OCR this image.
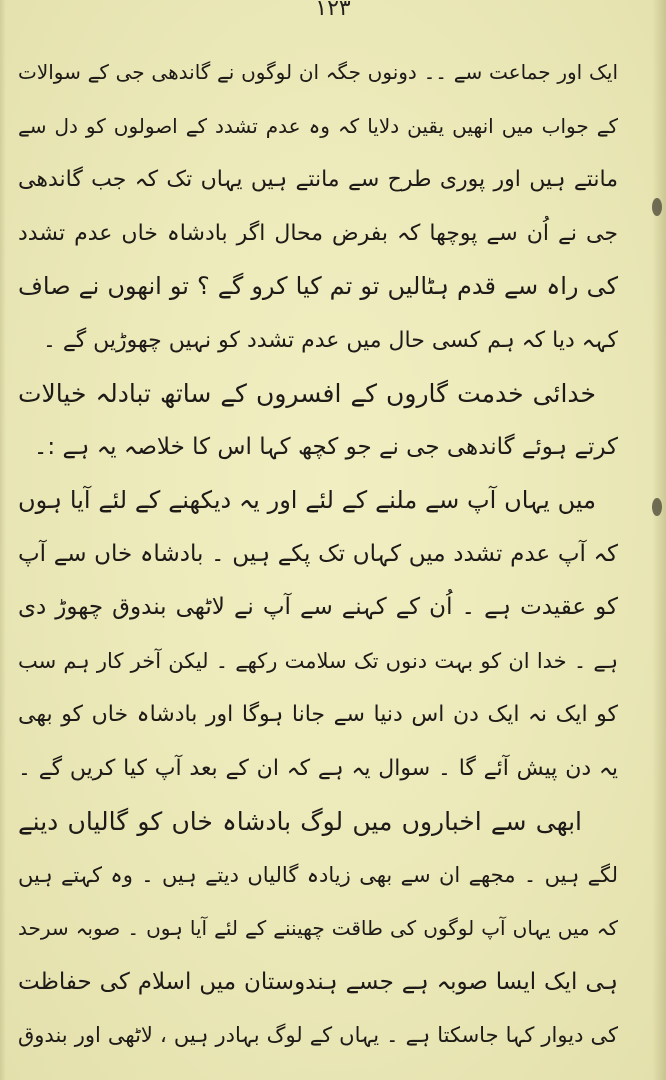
۱۲۳
ایک اور جماعت سے ۔۔ دونوں جگہ ان لوگوں نے گاندھی جی کے سوالات
کے جواب میں انھیں یقین دلایا کہ وہ عدم تشدد کے اصولوں کو دل سے
مانتے ہیں اور پوری طرح سے مانتے ہیں یہاں تک کہ جب گاندھی
جی نے اُن سے پوچھا کہ بفرض محال اگر بادشاہ خاں عدم تشدد
کی راہ سے قدم ہٹالیں تو تم کیا کرو گے ؟ تو انھوں نے صاف
کہہ دیا کہ ہم کسی حال میں عدم تشدد کو نہیں چھوڑیں گے ۔
خدائی خدمت گاروں کے افسروں کے ساتھ تبادلہ خیالات
کرتے ہوئے گاندھی جی نے جو کچھ کہا اس کا خلاصہ یہ ہے :۔
میں یہاں آپ سے ملنے کے لئے اور یہ دیکھنے کے لئے آیا ہوں
کہ آپ عدم تشدد میں کہاں تک پکے ہیں ۔ بادشاہ خاں سے آپ
کو عقیدت ہے ۔ اُن کے کہنے سے آپ نے لاٹھی بندوق چھوڑ دی
ہے ۔ خدا ان کو بہت دنوں تک سلامت رکھے ۔ لیکن آخر کار ہم سب
کو ایک نہ ایک دن اس دنیا سے جانا ہوگا اور بادشاہ خاں کو بھی
یہ دن پیش آئے گا ۔ سوال یہ ہے کہ ان کے بعد آپ کیا کریں گے ۔
ابھی سے اخباروں میں لوگ بادشاہ خاں کو گالیاں دینے
لگے ہیں ۔ مجھے ان سے بھی زیادہ گالیاں دیتے ہیں ۔ وہ کہتے ہیں
کہ میں یہاں آپ لوگوں کی طاقت چھیننے کے لئے آیا ہوں ۔ صوبہ سرحد
ہی ایک ایسا صوبہ ہے جسے ہندوستان میں اسلام کی حفاظت
کی دیوار کہا جاسکتا ہے ۔ یہاں کے لوگ بہادر ہیں ، لاٹھی اور بندوق
